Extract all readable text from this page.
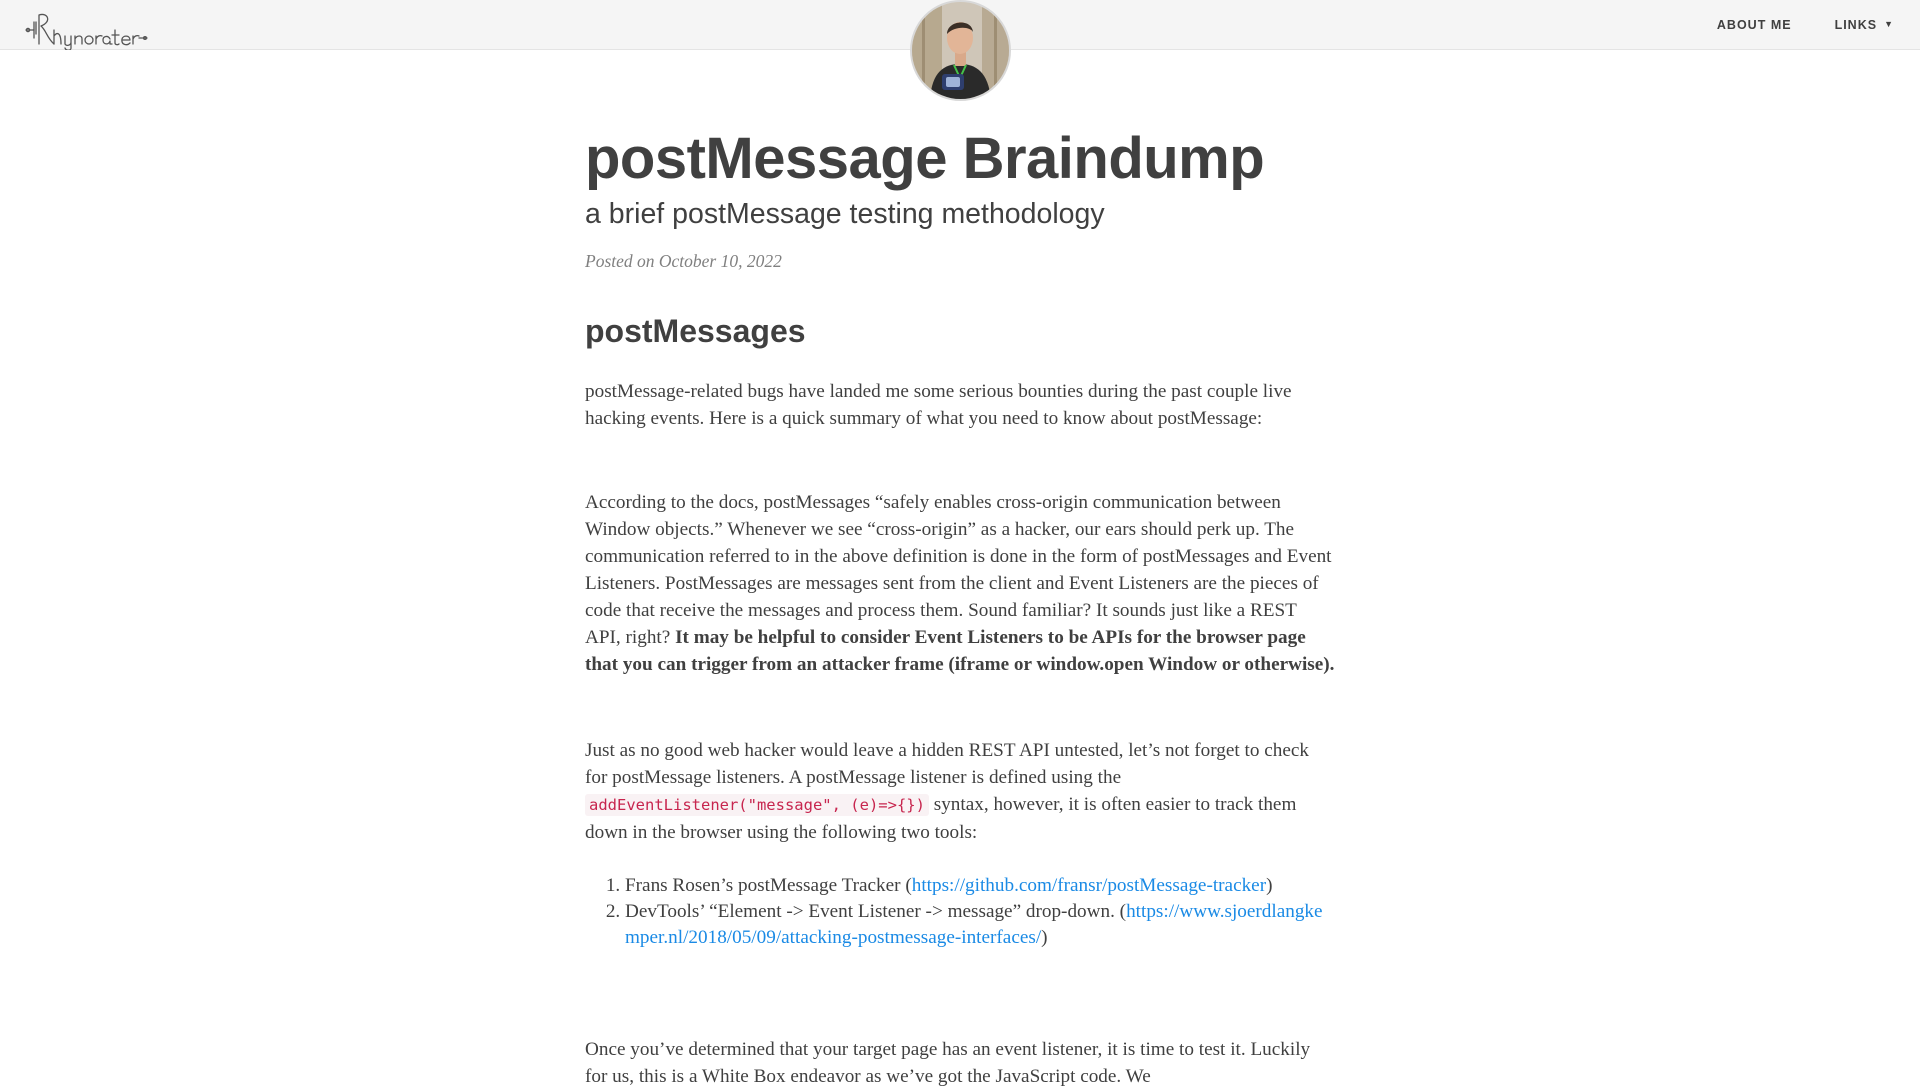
ABOUT ME	LINKS ▼
postMessage Braindump
a brief postMessage testing methodology

Posted on October 10, 2022

postMessages

postMessage-related bugs have landed me some serious bounties during the past couple live hacking events. Here is a quick summary of what you need to know about postMessage:

According to the docs, postMessages “safely enables cross-origin communication between Window objects.” Whenever we see “cross-origin” as a hacker, our ears should perk up. The communication referred to in the above definition is done in the form of postMessages and Event Listeners. PostMessages are messages sent from the client and Event Listeners are the pieces of code that receive the messages and process them. Sound familiar? It sounds just like a REST API, right? It may be helpful to consider Event Listeners to be APIs for the browser page that you can trigger from an attacker frame (iframe or window.open Window or otherwise).

Just as no good web hacker would leave a hidden REST API untested, let’s not forget to check for postMessage listeners. A postMessage listener is defined using the addEventListener("message", (e)=>{}) syntax, however, it is often easier to track them down in the browser using the following two tools:

1. Frans Rosen’s postMessage Tracker (https://github.com/fransr/postMessage-tracker)
2. DevTools’ “Element -> Event Listener -> message” drop-down. (https://www.sjoerdlangkemper.nl/2018/05/09/attacking-postmessage-interfaces/)

Once you’ve determined that your target page has an event listener, it is time to test it. Luckily for us, this is a White Box endeavor as we’ve got the JavaScript code. We
